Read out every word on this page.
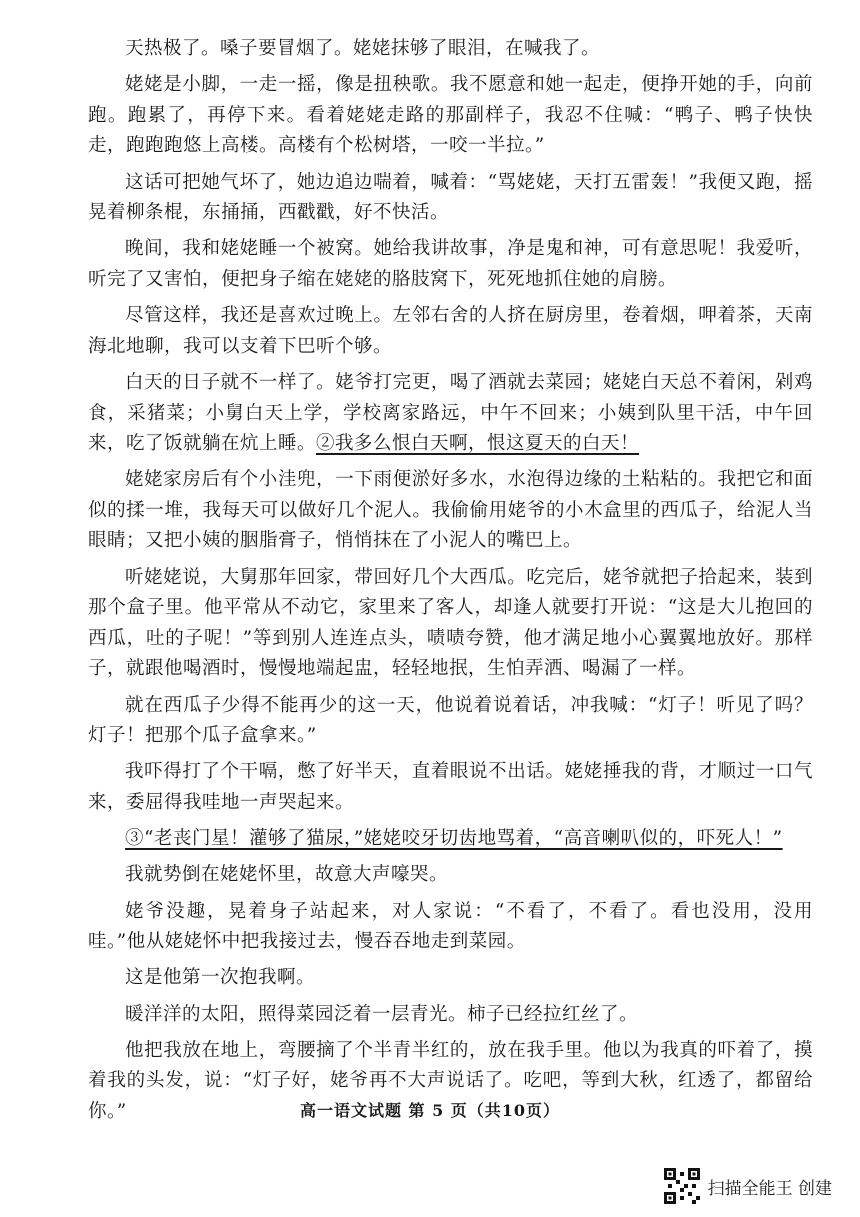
天热极了。嗓子要冒烟了。姥姥抹够了眼泪，在喊我了。

姥姥是小脚，一走一摇，像是扭秧歌。我不愿意和她一起走，便挣开她的手，向前跑。跑累了，再停下来。看着姥姥走路的那副样子，我忍不住喊：“鸭子、鸭子快快走，跑跑跑悠上高楼。高楼有个松树塔，一咬一半拉。”

这话可把她气坏了，她边追边喘着，喊着：“骂姥姥，天打五雷轰！”我便又跑，摇晃着柳条棍，东捅捅，西戳戳，好不快活。

晚间，我和姥姥睡一个被窝。她给我讲故事，净是鬼和神，可有意思呢！我爱听，听完了又害怕，便把身子缩在姥姥的胳肢窝下，死死地抓住她的肩膀。

尽管这样，我还是喜欢过晚上。左邻右舍的人挤在厨房里，卷着烟，呷着茶，天南海北地聊，我可以支着下巴听个够。

白天的日子就不一样了。姥爷打完更，喝了酒就去菜园；姥姥白天总不着闲，剁鸡食，采猪菜；小舅白天上学，学校离家路远，中午不回来；小姨到队里干活，中午回来，吃了饭就躺在炕上睡。②我多么恨白天啊，恨这夏天的白天！

姥姥家房后有个小洼兜，一下雨便淤好多水，水泡得边缘的土粘粘的。我把它和面似的揉一堆，我每天可以做好几个泥人。我偷偷用姥爷的小木盒里的西瓜子，给泥人当眼睛；又把小姨的胭脂膏子，悄悄抹在了小泥人的嘴巴上。

听姥姥说，大舅那年回家，带回好几个大西瓜。吃完后，姥爷就把子拾起来，装到那个盒子里。他平常从不动它，家里来了客人，却逢人就要打开说：“这是大儿抱回的西瓜，吐的子呢！”等到别人连连点头，啧啧夸赞，他才满足地小心翼翼地放好。那样子，就跟他喝酒时，慢慢地端起盅，轻轻地抿，生怕弄洒、喝漏了一样。

就在西瓜子少得不能再少的这一天，他说着说着话，冲我喊：“灯子！听见了吗？灯子！把那个瓜子盒拿来。”

我吓得打了个干嗝，憋了好半天，直着眼说不出话。姥姥捶我的背，才顺过一口气来，委屈得我哇地一声哭起来。

③“老丧门星！灌够了猫尿，”姥姥咬牙切齿地骂着，“高音喇叭似的，吓死人！”

我就势倒在姥姥怀里，故意大声嚎哭。

姥爷没趣，晃着身子站起来，对人家说：“不看了，不看了。看也没用，没用哇。”他从姥姥怀中把我接过去，慢吞吞地走到菜园。

这是他第一次抱我啊。

暖洋洋的太阳，照得菜园泛着一层青光。柿子已经拉红丝了。

他把我放在地上，弯腰摘了个半青半红的，放在我手里。他以为我真的吓着了，摸着我的头发，说：“灯子好，姥爷再不大声说话了。吃吧，等到大秋，红透了，都留给你。”	高一语文试题 第 5 页（共10页）
扫描全能王 创建
